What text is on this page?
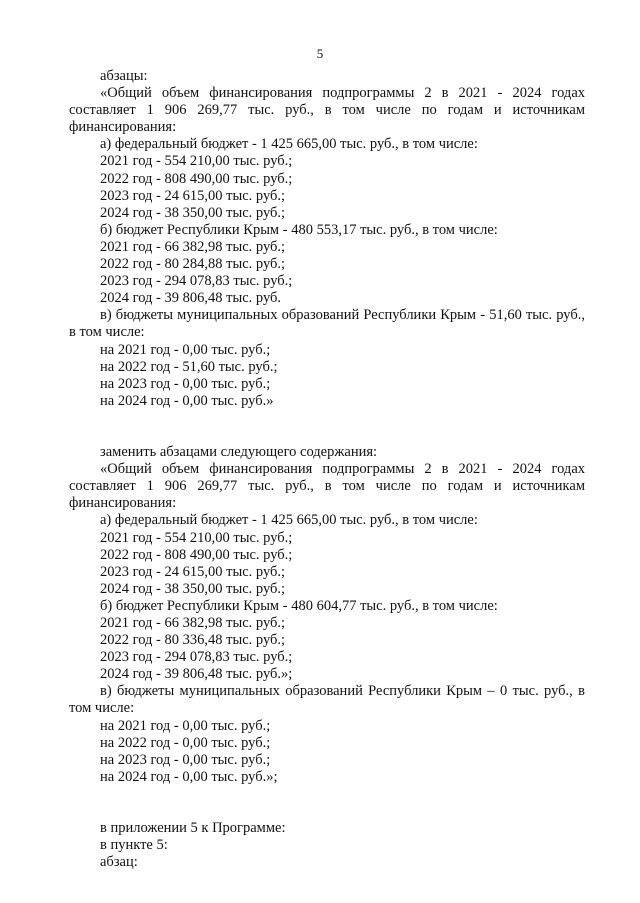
5
абзацы:
«Общий объем финансирования подпрограммы 2 в 2021 - 2024 годах
составляет 1 906 269,77 тыс. руб., в том числе по годам и источникам
финансирования:
а) федеральный бюджет - 1 425 665,00 тыс. руб., в том числе:
2021 год - 554 210,00 тыс. руб.;
2022 год - 808 490,00 тыс. руб.;
2023 год - 24 615,00 тыс. руб.;
2024 год - 38 350,00 тыс. руб.;
б) бюджет Республики Крым - 480 553,17 тыс. руб., в том числе:
2021 год - 66 382,98 тыс. руб.;
2022 год - 80 284,88 тыс. руб.;
2023 год - 294 078,83 тыс. руб.;
2024 год - 39 806,48 тыс. руб.
в) бюджеты муниципальных образований Республики Крым - 51,60 тыс. руб.,
в том числе:
на 2021 год - 0,00 тыс. руб.;
на 2022 год - 51,60 тыс. руб.;
на 2023 год - 0,00 тыс. руб.;
на 2024 год - 0,00 тыс. руб.»
заменить абзацами следующего содержания:
«Общий объем финансирования подпрограммы 2 в 2021 - 2024 годах
составляет 1 906 269,77 тыс. руб., в том числе по годам и источникам
финансирования:
а) федеральный бюджет - 1 425 665,00 тыс. руб., в том числе:
2021 год - 554 210,00 тыс. руб.;
2022 год - 808 490,00 тыс. руб.;
2023 год - 24 615,00 тыс. руб.;
2024 год - 38 350,00 тыс. руб.;
б) бюджет Республики Крым - 480 604,77 тыс. руб., в том числе:
2021 год - 66 382,98 тыс. руб.;
2022 год - 80 336,48 тыс. руб.;
2023 год - 294 078,83 тыс. руб.;
2024 год - 39 806,48 тыс. руб.»;
в) бюджеты муниципальных образований Республики Крым – 0 тыс. руб., в
том числе:
на 2021 год - 0,00 тыс. руб.;
на 2022 год - 0,00 тыс. руб.;
на 2023 год - 0,00 тыс. руб.;
на 2024 год - 0,00 тыс. руб.»;
в приложении 5 к Программе:
в пункте 5:
абзац:
